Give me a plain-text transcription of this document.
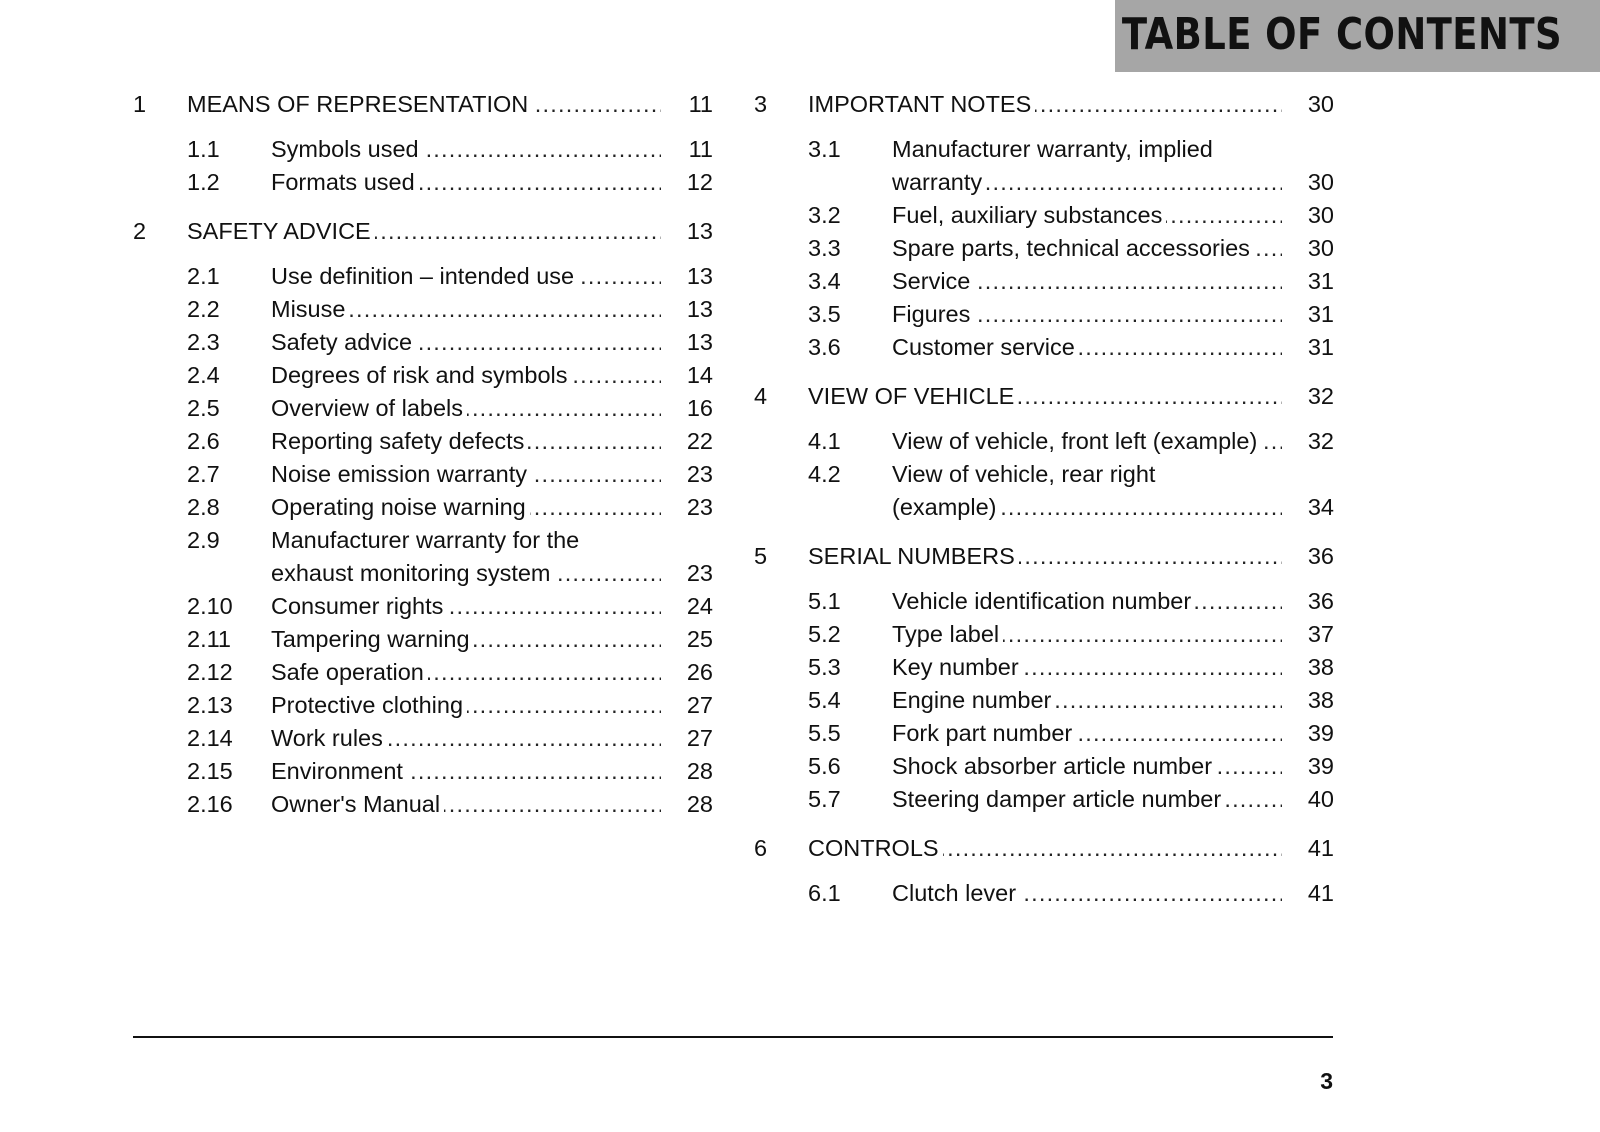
TABLE OF CONTENTS
1	MEANS OF REPRESENTATION .....	11
1.1	Symbols used .....	11
1.2	Formats used .....	12
2	SAFETY ADVICE .....	13
2.1	Use definition – intended use .....	13
2.2	Misuse .....	13
2.3	Safety advice .....	13
2.4	Degrees of risk and symbols .....	14
2.5	Overview of labels .....	16
2.6	Reporting safety defects .....	22
2.7	Noise emission warranty .....	23
2.8	Operating noise warning .....	23
2.9	Manufacturer warranty for the
exhaust monitoring system .....	23
2.10	Consumer rights .....	24
2.11	Tampering warning .....	25
2.12	Safe operation .....	26
2.13	Protective clothing .....	27
2.14	Work rules .....	27
2.15	Environment .....	28
2.16	Owner's Manual .....	28
3	IMPORTANT NOTES .....	30
3.1	Manufacturer warranty, implied
warranty .....	30
3.2	Fuel, auxiliary substances .....	30
3.3	Spare parts, technical accessories .....	30
3.4	Service .....	31
3.5	Figures .....	31
3.6	Customer service .....	31
4	VIEW OF VEHICLE .....	32
4.1	View of vehicle, front left (example) .....	32
4.2	View of vehicle, rear right
(example) .....	34
5	SERIAL NUMBERS .....	36
5.1	Vehicle identification number .....	36
5.2	Type label .....	37
5.3	Key number .....	38
5.4	Engine number .....	38
5.5	Fork part number .....	39
5.6	Shock absorber article number .....	39
5.7	Steering damper article number .....	40
6	CONTROLS .....	41
6.1	Clutch lever .....	41
3
